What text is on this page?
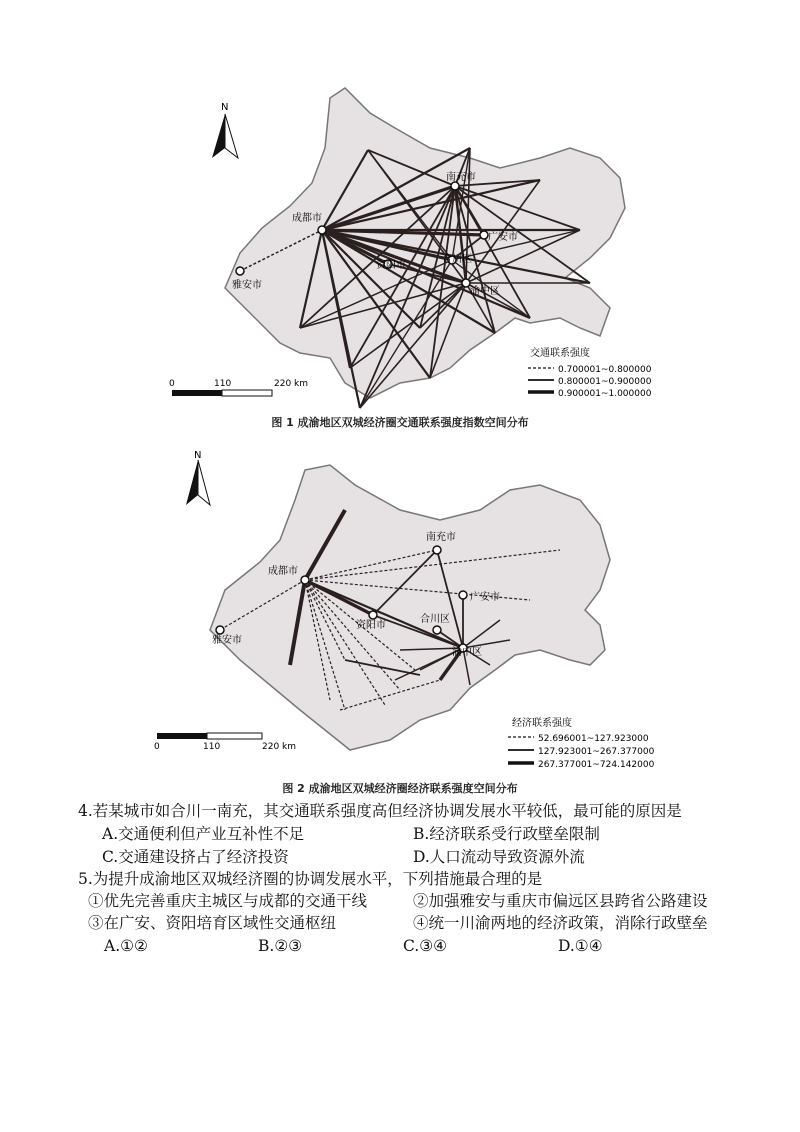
N
南充市
成都市
广安市
资阳市
合川区
雅安市
渝中区
0	110	220 km
交通联系强度
0.700001~0.800000
0.800001~0.900000
0.900001~1.000000
图 1 成渝地区双城经济圈交通联系强度指数空间分布
N
南充市
成都市
广安市
资阳市
合川区
雅安市
渝中区
0	110	220 km
经济联系强度
52.696001~127.923000
127.923001~267.377000
267.377001~724.142000
图 2 成渝地区双城经济圈经济联系强度空间分布
4.若某城市如合川一南充，其交通联系强度高但经济协调发展水平较低，最可能的原因是
A.交通便利但产业互补性不足	B.经济联系受行政壁垒限制
C.交通建设挤占了经济投资	D.人口流动导致资源外流
5.为提升成渝地区双城经济圈的协调发展水平，下列措施最合理的是
①优先完善重庆主城区与成都的交通干线	②加强雅安与重庆市偏远区县跨省公路建设
③在广安、资阳培育区域性交通枢纽	④统一川渝两地的经济政策，消除行政壁垒
A.①②	B.②③	C.③④	D.①④
